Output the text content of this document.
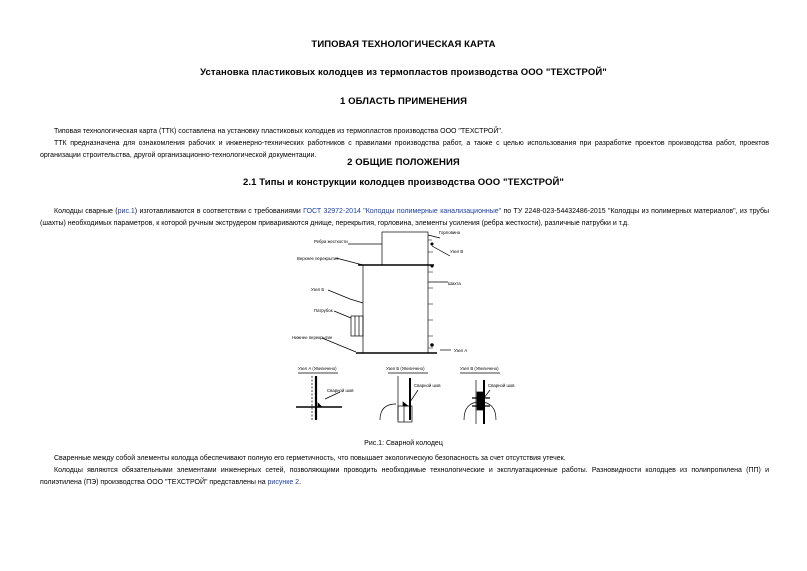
ТИПОВАЯ ТЕХНОЛОГИЧЕСКАЯ КАРТА
Установка пластиковых колодцев из термопластов производства ООО "ТЕХСТРОЙ"
1 ОБЛАСТЬ ПРИМЕНЕНИЯ
Типовая технологическая карта (ТТК) составлена на установку пластиковых колодцев из термопластов производства ООО "ТЕХСТРОЙ".
ТТК предназначена для ознакомления рабочих и инженерно-технических работников с правилами производства работ, а также с целью использования при разработке проектов производства работ, проектов организации строительства, другой организационно-технологической документации.
2 ОБЩИЕ ПОЛОЖЕНИЯ
2.1 Типы и конструкции колодцев производства ООО "ТЕХСТРОЙ"
Колодцы сварные (рис.1) изготавливаются в соответствии с требованиями ГОСТ 32972-2014 "Колодцы полимерные канализационные" по ТУ 2248-023-54432486-2015 "Колодцы из полимерных материалов", из трубы (шахты) необходимых параметров, к которой ручным экструдером привариваются днище, перекрытия, горловина, элементы усиления (ребра жесткости), различные патрубки и т.д.
Горловина
Ребра жесткости
Верхнее перекрытие
Узел В
Шахта
Узел Б
Патрубок
Нижнее перекрытие
Узел А
Узел А (Увеличено)	Узел Б (Увеличено)	Узел В (Увеличено)
Сварной шов
Сварной шов	Сварной шов
Рис.1: Сварной колодец
Сваренные между собой элементы колодца обеспечивают полную его герметичность, что повышает экологическую безопасность за счет отсутствия утечек.
Колодцы являются обязательными элементами инженерных сетей, позволяющими проводить необходимые технологические и эксплуатационные работы. Разновидности колодцев из полипропилена (ПП) и полиэтилена (ПЭ) производства ООО "ТЕХСТРОЙ" представлены на рисунке 2.
